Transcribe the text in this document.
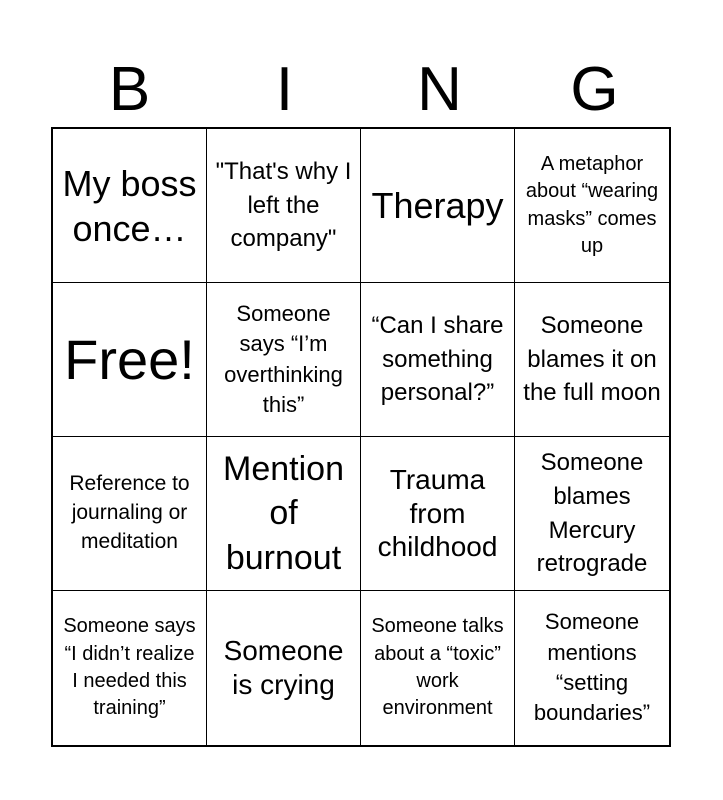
B	I	N	G
My boss once…
"That's why I left the company"
Therapy
A metaphor about “wearing masks” comes up
Free!
Someone says “I’m overthinking this”
“Can I share something personal?”
Someone blames it on the full moon
Reference to journaling or meditation
Mention of burnout
Trauma from childhood
Someone blames Mercury retrograde
Someone says “I didn’t realize I needed this training”
Someone is crying
Someone talks about a “toxic” work environment
Someone mentions “setting boundaries”
